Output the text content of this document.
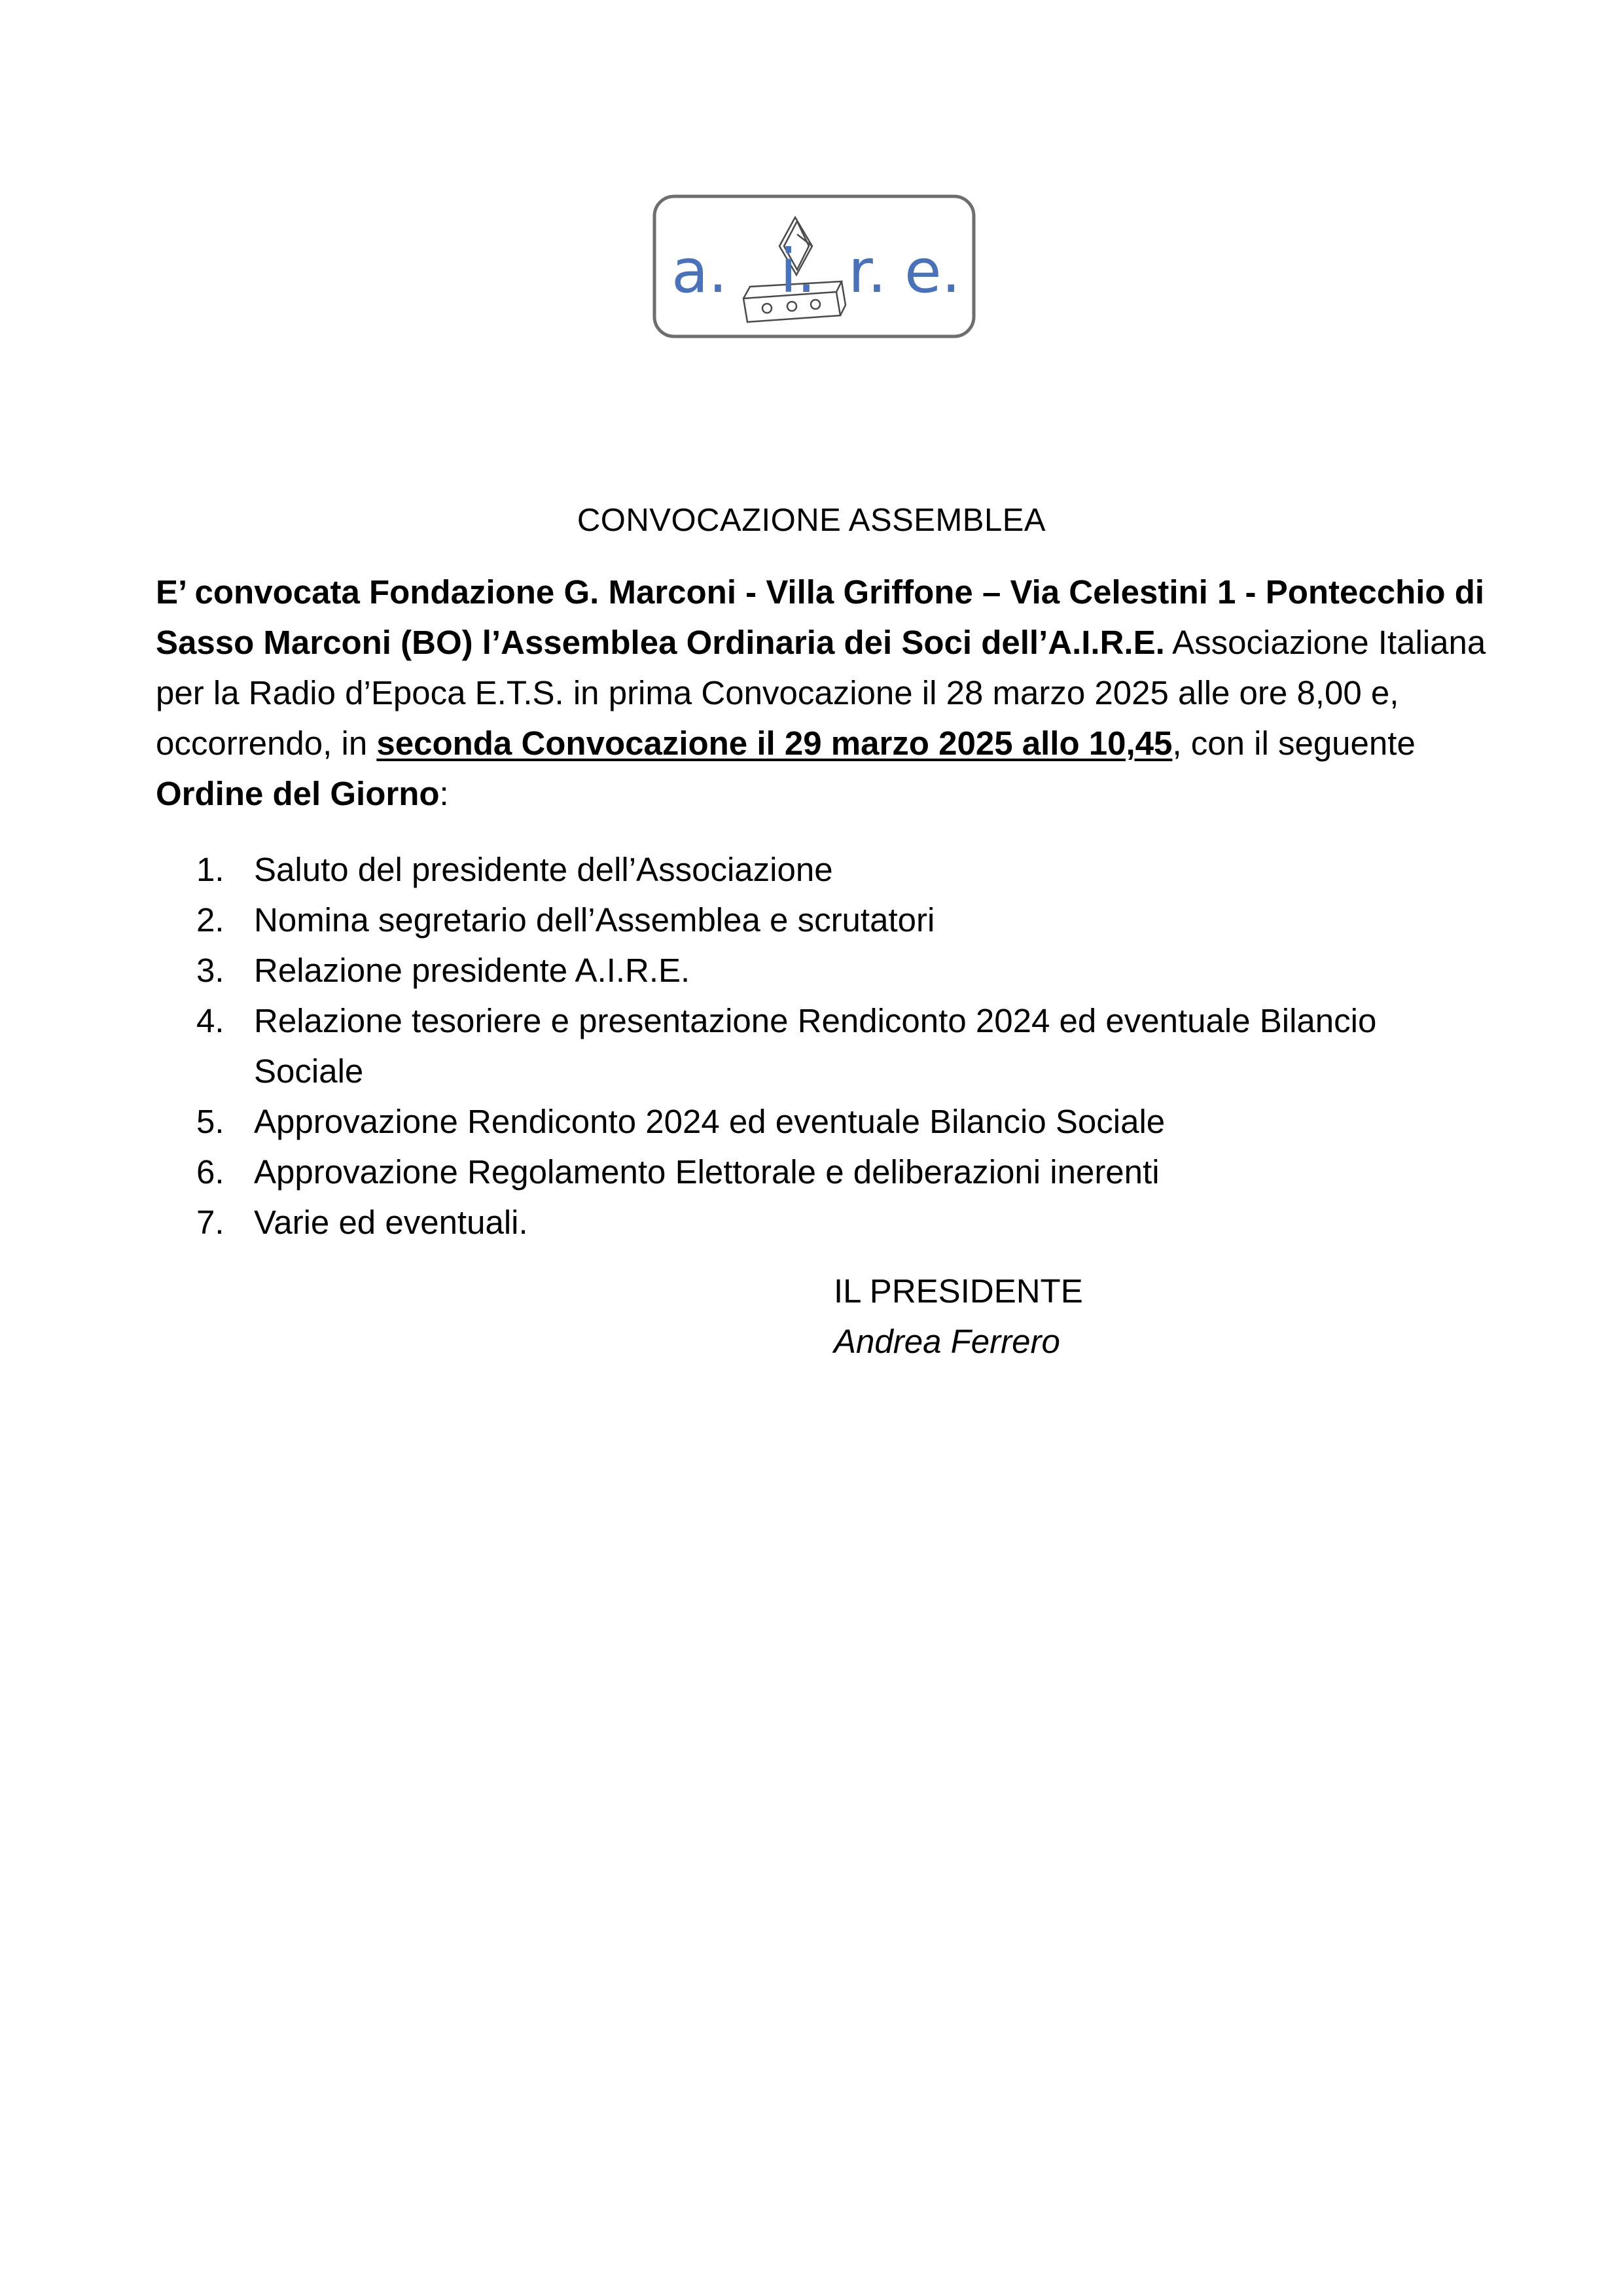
a. i. r. e.
CONVOCAZIONE ASSEMBLEA
E’ convocata Fondazione G. Marconi - Villa Griffone – Via Celestini 1 - Pontecchio di
Sasso Marconi (BO) l’Assemblea Ordinaria dei Soci dell’A.I.R.E. Associazione Italiana
per la Radio d’Epoca E.T.S. in prima Convocazione il 28 marzo 2025 alle ore 8,00 e,
occorrendo, in seconda Convocazione il 29 marzo 2025 allo 10,45, con il seguente
Ordine del Giorno:
1. Saluto del presidente dell’Associazione
2. Nomina segretario dell’Assemblea e scrutatori
3. Relazione presidente A.I.R.E.
4. Relazione tesoriere e presentazione Rendiconto 2024 ed eventuale Bilancio Sociale
5. Approvazione Rendiconto 2024 ed eventuale Bilancio Sociale
6. Approvazione Regolamento Elettorale e deliberazioni inerenti
7. Varie ed eventuali.
IL PRESIDENTE
Andrea Ferrero
